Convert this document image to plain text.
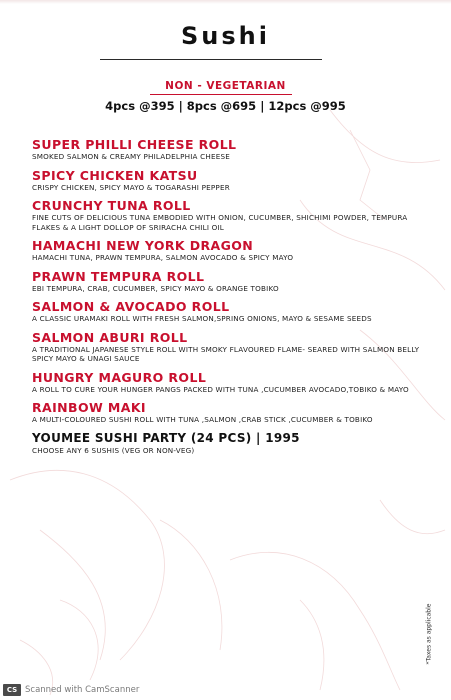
Sushi
NON - VEGETARIAN
4pcs @395 | 8pcs @695 | 12pcs @995
SUPER PHILLI CHEESE ROLL
SMOKED SALMON & CREAMY PHILADELPHIA CHEESE
SPICY CHICKEN KATSU
CRISPY CHICKEN, SPICY MAYO & TOGARASHI PEPPER
CRUNCHY TUNA ROLL
FINE CUTS OF DELICIOUS TUNA EMBODIED WITH ONION, CUCUMBER, SHICHIMI POWDER, TEMPURA FLAKES & A LIGHT DOLLOP OF SRIRACHA CHILI OIL
HAMACHI NEW YORK DRAGON
HAMACHI TUNA, PRAWN TEMPURA, SALMON AVOCADO & SPICY MAYO
PRAWN TEMPURA ROLL
EBI TEMPURA, CRAB, CUCUMBER, SPICY MAYO & ORANGE TOBIKO
SALMON & AVOCADO ROLL
A CLASSIC URAMAKI ROLL WITH FRESH SALMON,SPRING ONIONS, MAYO & SESAME SEEDS
SALMON ABURI ROLL
A TRADITIONAL JAPANESE STYLE ROLL WITH SMOKY FLAVOURED FLAME- SEARED WITH SALMON BELLY SPICY MAYO & UNAGI SAUCE
HUNGRY MAGURO ROLL
A ROLL TO CURE YOUR HUNGER PANGS PACKED WITH TUNA ,CUCUMBER AVOCADO,TOBIKO & MAYO
RAINBOW MAKI
A MULTI-COLOURED SUSHI ROLL WITH TUNA ,SALMON ,CRAB STICK ,CUCUMBER & TOBIKO
YOUMEE SUSHI PARTY (24 PCS) | 1995
CHOOSE ANY 6 SUSHIS (VEG OR NON-VEG)
*Taxes as applicable
CS Scanned with CamScanner
